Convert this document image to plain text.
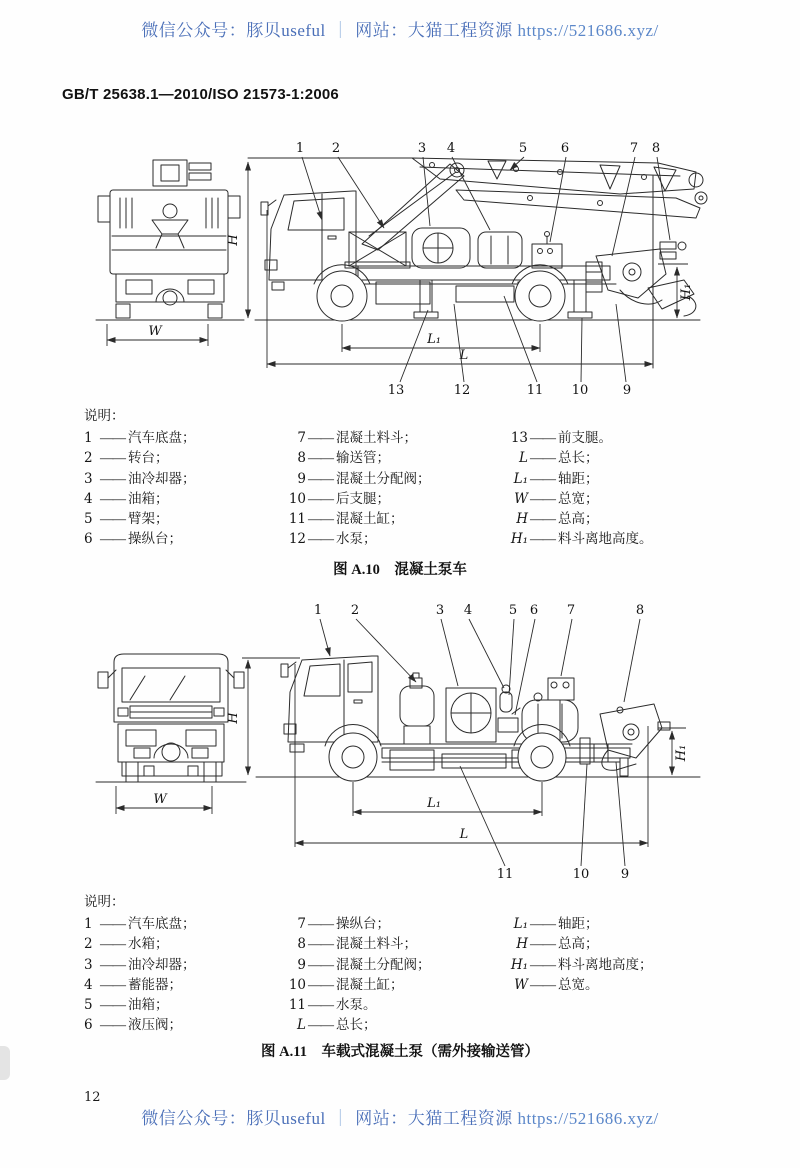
微信公众号：豚贝useful ｜ 网站：大猫工程资源 https://521686.xyz/
GB/T 25638.1—2010/ISO 21573-1:2006
W
H
H₁
L₁
L
1 2	3 4	5	6	7 8
13	12	11 10	9
说明：
1 —— 汽车底盘；
2 —— 转台；
3 —— 油冷却器；
4 —— 油箱；
5 —— 臂架；
6 —— 操纵台；
7 —— 混凝土料斗；
8 —— 输送管；
9 —— 混凝土分配阀；
10 —— 后支腿；
11 —— 混凝土缸；
12 —— 水泵；
13 —— 前支腿。
L —— 总长；
L₁ —— 轴距；
W —— 总宽；
H —— 总高；
H₁ —— 料斗离地高度。
图 A.10　混凝土泵车
W
H
H₁
L₁
L
1 2	3 4	5 6 7	8
11	10 9
说明：
1 —— 汽车底盘；
2 —— 水箱；
3 —— 油冷却器；
4 —— 蓄能器；
5 —— 油箱；
6 —— 液压阀；
7 —— 操纵台；
8 —— 混凝土料斗；
9 —— 混凝土分配阀；
10 —— 混凝土缸；
11 —— 水泵。
L —— 总长；
L₁ —— 轴距；
H —— 总高；
H₁ —— 料斗离地高度；
W —— 总宽。
图 A.11　车载式混凝土泵（需外接输送管）
12
微信公众号：豚贝useful ｜ 网站：大猫工程资源 https://521686.xyz/
